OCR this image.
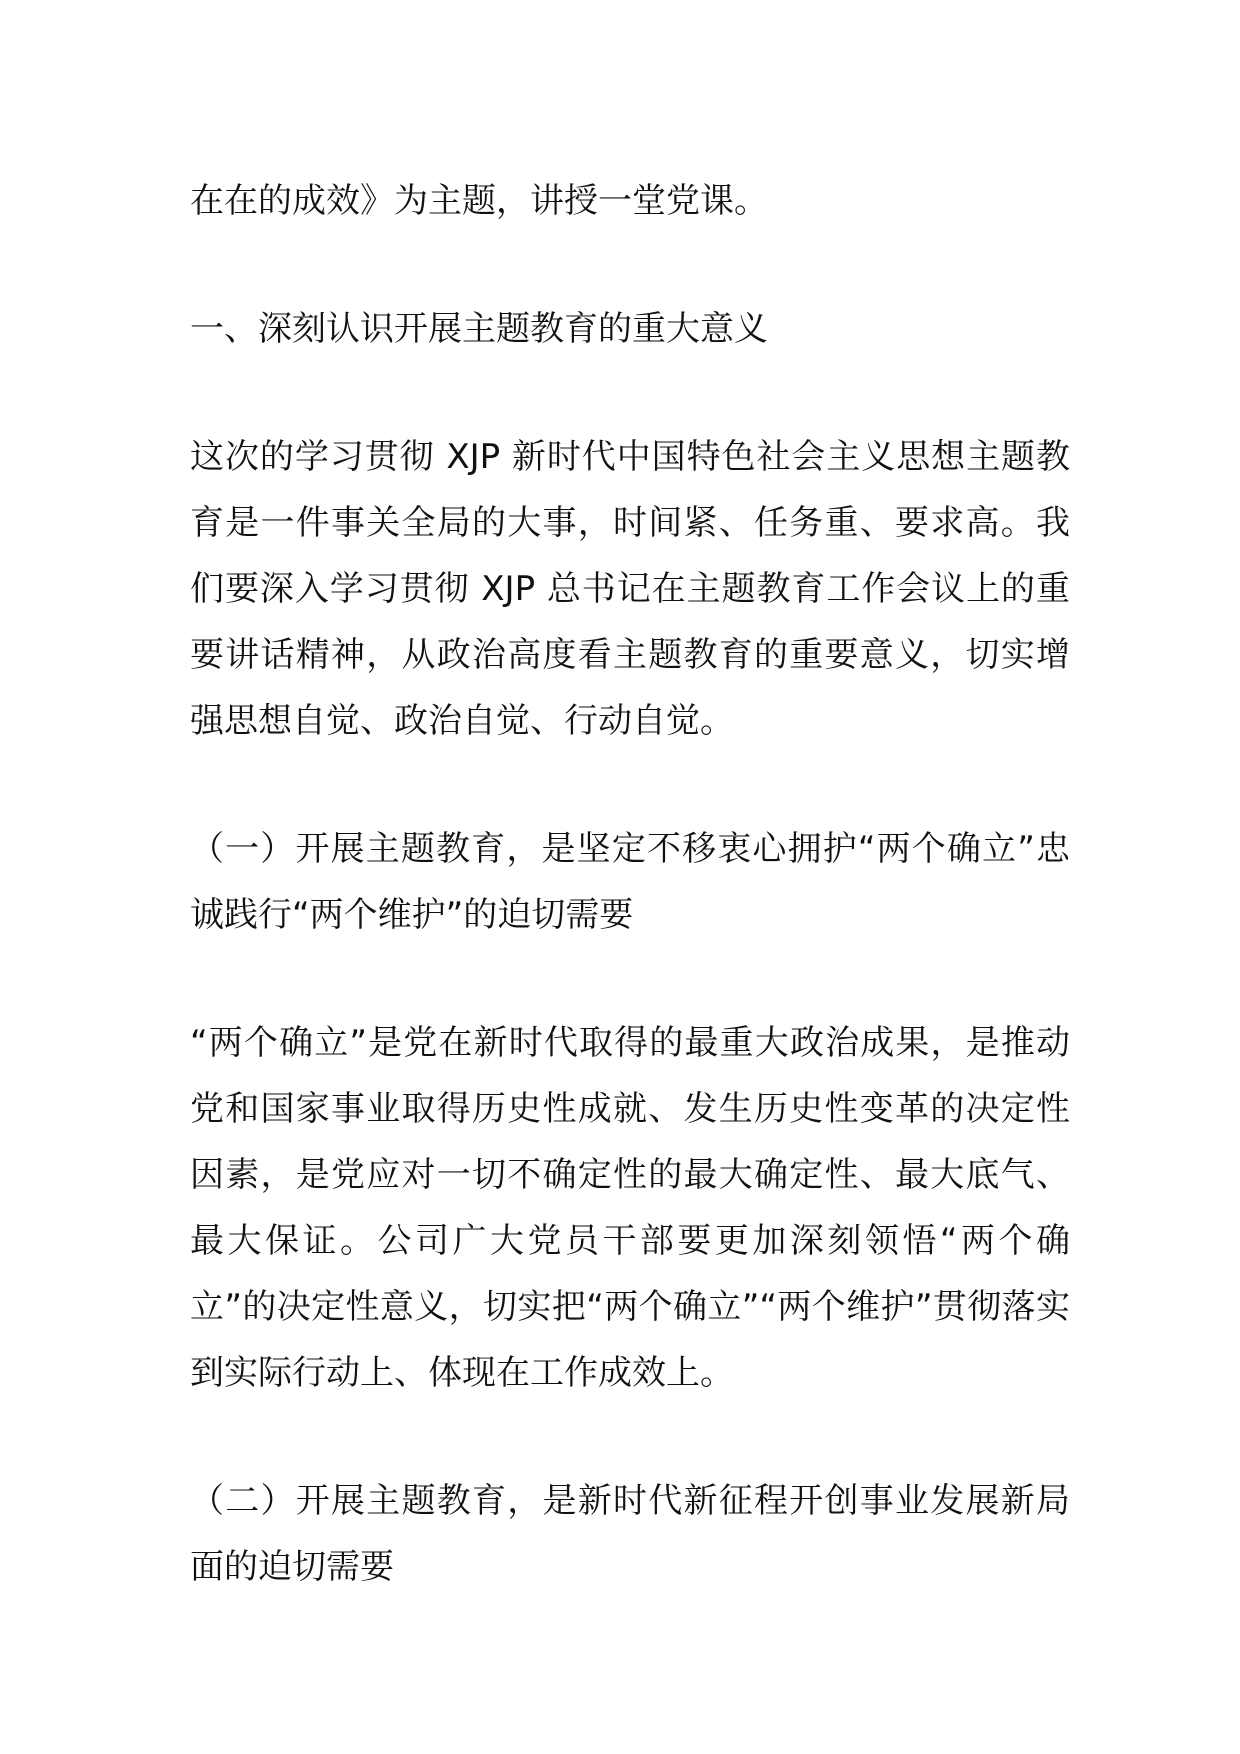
在在的成效》为主题，讲授一堂党课。

一、深刻认识开展主题教育的重大意义

这次的学习贯彻 XJP 新时代中国特色社会主义思想主题教育是一件事关全局的大事，时间紧、任务重、要求高。我们要深入学习贯彻 XJP 总书记在主题教育工作会议上的重要讲话精神，从政治高度看主题教育的重要意义，切实增强思想自觉、政治自觉、行动自觉。

（一）开展主题教育，是坚定不移衷心拥护“两个确立”忠诚践行“两个维护”的迫切需要

“两个确立”是党在新时代取得的最重大政治成果，是推动党和国家事业取得历史性成就、发生历史性变革的决定性因素，是党应对一切不确定性的最大确定性、最大底气、最大保证。公司广大党员干部要更加深刻领悟“两个确立”的决定性意义，切实把“两个确立”“两个维护”贯彻落实到实际行动上、体现在工作成效上。

（二）开展主题教育，是新时代新征程开创事业发展新局面的迫切需要
